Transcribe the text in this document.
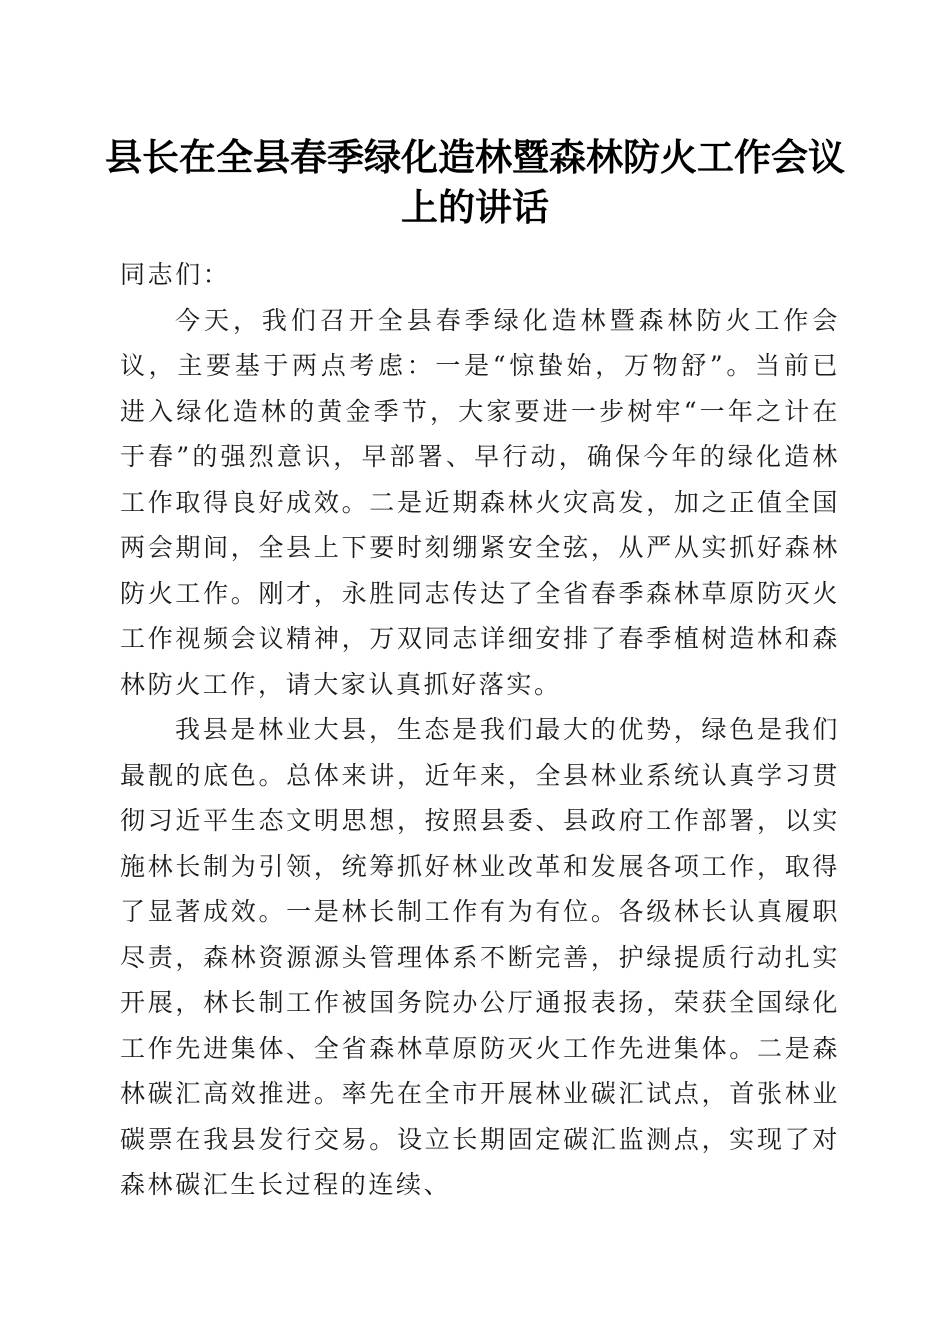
县长在全县春季绿化造林暨森林防火工作会议
上的讲话

同志们：

今天，我们召开全县春季绿化造林暨森林防火工作会议，主要基于两点考虑：一是“惊蛰始，万物舒”。当前已进入绿化造林的黄金季节，大家要进一步树牢“一年之计在于春”的强烈意识，早部署、早行动，确保今年的绿化造林工作取得良好成效。二是近期森林火灾高发，加之正值全国两会期间，全县上下要时刻绷紧安全弦，从严从实抓好森林防火工作。刚才，永胜同志传达了全省春季森林草原防灭火工作视频会议精神，万双同志详细安排了春季植树造林和森林防火工作，请大家认真抓好落实。

我县是林业大县，生态是我们最大的优势，绿色是我们最靓的底色。总体来讲，近年来，全县林业系统认真学习贯彻习近平生态文明思想，按照县委、县政府工作部署，以实施林长制为引领，统筹抓好林业改革和发展各项工作，取得了显著成效。一是林长制工作有为有位。各级林长认真履职尽责，森林资源源头管理体系不断完善，护绿提质行动扎实开展，林长制工作被国务院办公厅通报表扬，荣获全国绿化工作先进集体、全省森林草原防灭火工作先进集体。二是森林碳汇高效推进。率先在全市开展林业碳汇试点，首张林业碳票在我县发行交易。设立长期固定碳汇监测点，实现了对森林碳汇生长过程的连续、
